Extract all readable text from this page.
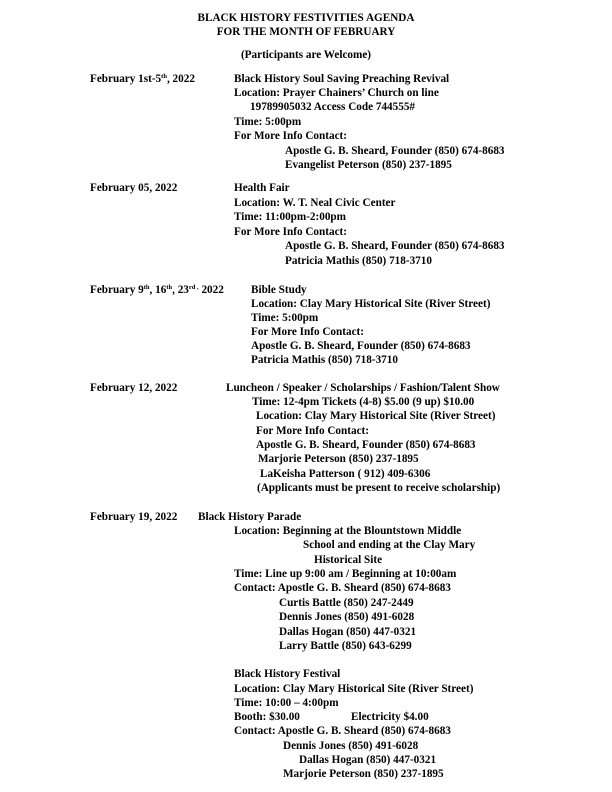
BLACK HISTORY FESTIVITIES AGENDA
FOR THE MONTH OF FEBRUARY
(Participants are Welcome)
February 1st-5th, 2022	Black History Soul Saving Preaching Revival
Location: Prayer Chainers’ Church on line
19789905032 Access Code 744555#
Time: 5:00pm
For More Info Contact:
Apostle G. B. Sheard, Founder (850) 674-8683
Evangelist Peterson (850) 237-1895
February 05, 2022	Health Fair
Location: W. T. Neal Civic Center
Time: 11:00pm-2:00pm
For More Info Contact:
Apostle G. B. Sheard, Founder (850) 674-8683
Patricia Mathis (850) 718-3710
February 9th, 16th, $23^{rd ,}$ 2022 Bible Study
Location: Clay Mary Historical Site (River Street)
Time: 5:00pm
For More Info Contact:
Apostle G. B. Sheard, Founder (850) 674-8683
Patricia Mathis (850) 718-3710
February 12, 2022	Luncheon / Speaker / Scholarships / Fashion/Talent Show
Time: 12-4pm Tickets (4-8) $5.00 (9 up) $10.00
Location: Clay Mary Historical Site (River Street)
For More Info Contact:
Apostle G. B. Sheard, Founder (850) 674-8683
Marjorie Peterson (850) 237-1895
LaKeisha Patterson ( 912) 409-6306
(Applicants must be present to receive scholarship)
February 19, 2022 Black History Parade
Location: Beginning at the Blountstown Middle
School and ending at the Clay Mary
Historical Site
Time: Line up 9:00 am / Beginning at 10:00am
Contact: Apostle G. B. Sheard (850) 674-8683
Curtis Battle (850) 247-2449
Dennis Jones (850) 491-6028
Dallas Hogan (850) 447-0321
Larry Battle (850) 643-6299
Black History Festival
Location: Clay Mary Historical Site (River Street)
Time: 10:00 – 4:00pm
Booth: $30.00	Electricity $4.00
Contact: Apostle G. B. Sheard (850) 674-8683
Dennis Jones (850) 491-6028
Dallas Hogan (850) 447-0321
Marjorie Peterson (850) 237-1895
